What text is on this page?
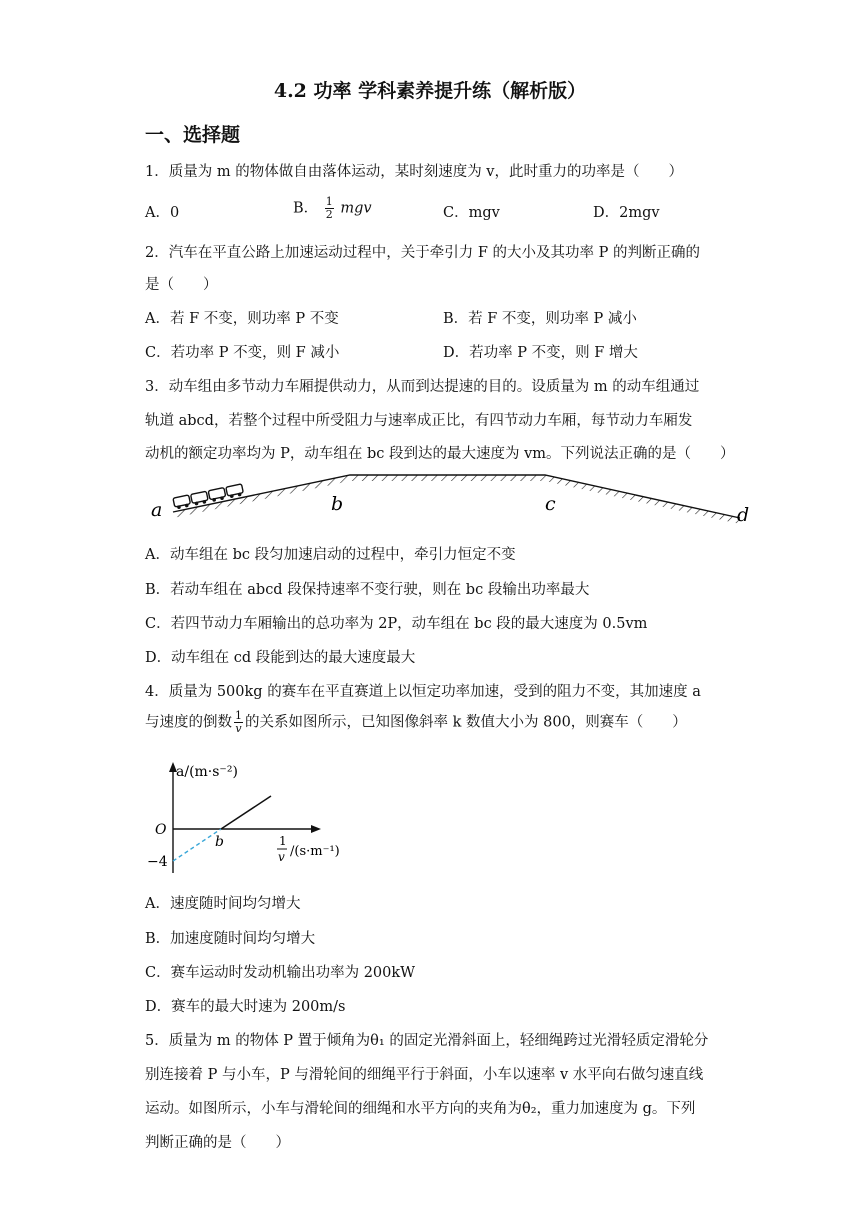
4.2 功率 学科素养提升练（解析版）
一、选择题
1．质量为 m 的物体做自由落体运动，某时刻速度为 v，此时重力的功率是（　　）
A．0	B． $\frac{1}{2}$ mgv	C．mgv	D．2mgv
2．汽车在平直公路上加速运动过程中，关于牵引力 F 的大小及其功率 P 的判断正确的
是（　　）
A．若 F 不变，则功率 P 不变	B．若 F 不变，则功率 P 减小
C．若功率 P 不变，则 F 减小	D．若功率 P 不变，则 F 增大
3．动车组由多节动力车厢提供动力，从而到达提速的目的。设质量为 m 的动车组通过
轨道 abcd，若整个过程中所受阻力与速率成正比，有四节动力车厢，每节动力车厢发
动机的额定功率均为 P，动车组在 bc 段到达的最大速度为 vm。下列说法正确的是（　　）
a	b	c	d
A．动车组在 bc 段匀加速启动的过程中，牵引力恒定不变
B．若动车组在 abcd 段保持速率不变行驶，则在 bc 段输出功率最大
C．若四节动力车厢输出的总功率为 2P，动车组在 bc 段的最大速度为 0.5vm
D．动车组在 cd 段能到达的最大速度最大
4．质量为 500kg 的赛车在平直赛道上以恒定功率加速，受到的阻力不变，其加速度 a
与速度的倒数 $\frac{1}{v}$ 的关系如图所示，已知图像斜率 k 数值大小为 800，则赛车（　　）
a/(m·s⁻²)
O
−4
b	1
v /(s·m⁻¹)
A．速度随时间均匀增大
B．加速度随时间均匀增大
C．赛车运动时发动机输出功率为 200kW
D．赛车的最大时速为 200m/s
5．质量为 m 的物体 P 置于倾角为θ₁ 的固定光滑斜面上，轻细绳跨过光滑轻质定滑轮分
别连接着 P 与小车，P 与滑轮间的细绳平行于斜面，小车以速率 v 水平向右做匀速直线
运动。如图所示，小车与滑轮间的细绳和水平方向的夹角为θ₂，重力加速度为 g。下列
判断正确的是（　　）
